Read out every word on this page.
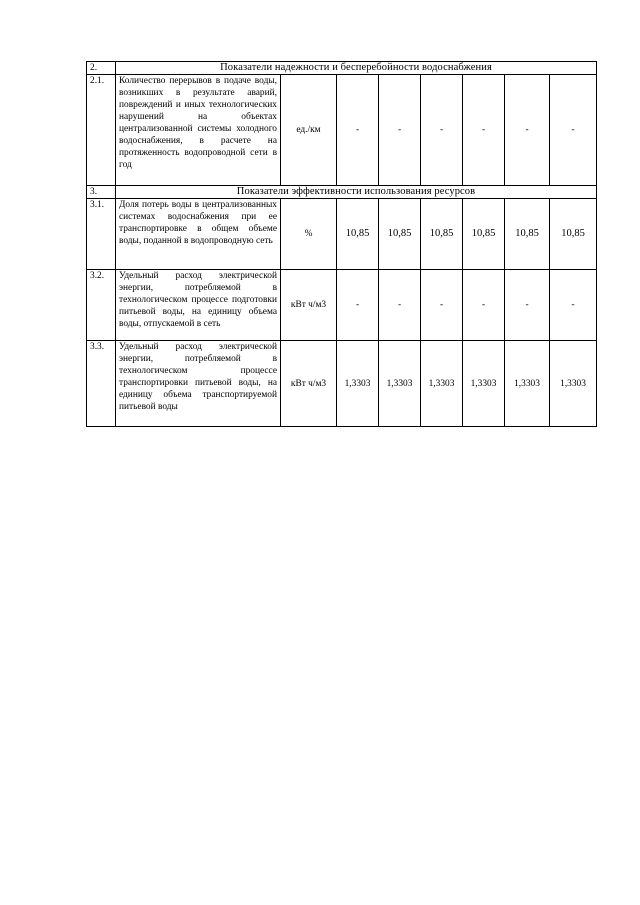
2.	Показатели надежности и бесперебойности водоснабжения							
2.1.	Количество перерывов в подаче воды, возникших в результате аварий, повреждений и иных технологических нарушений на объектах централизованной системы холодного водоснабжения, в расчете на протяженность водопроводной сети в год	ед./км	-	-	-	-	-	-
3.	Показатели эффективности использования ресурсов							
3.1.	Доля потерь воды в централизованных системах водоснабжения при ее транспортировке в общем объеме воды, поданной в водопроводную сеть	%	10,85	10,85	10,85	10,85	10,85	10,85
3.2.	Удельный расход электрической энергии, потребляемой в технологическом процессе подготовки питьевой воды, на единицу объема воды, отпускаемой в сеть	кВт ч/м3	-	-	-	-	-	-
3.3.	Удельный расход электрической энергии, потребляемой в технологическом процессе транспортировки питьевой воды, на единицу объема транспортируемой питьевой воды	кВт ч/м3	1,3303	1,3303	1,3303	1,3303	1,3303	1,3303
